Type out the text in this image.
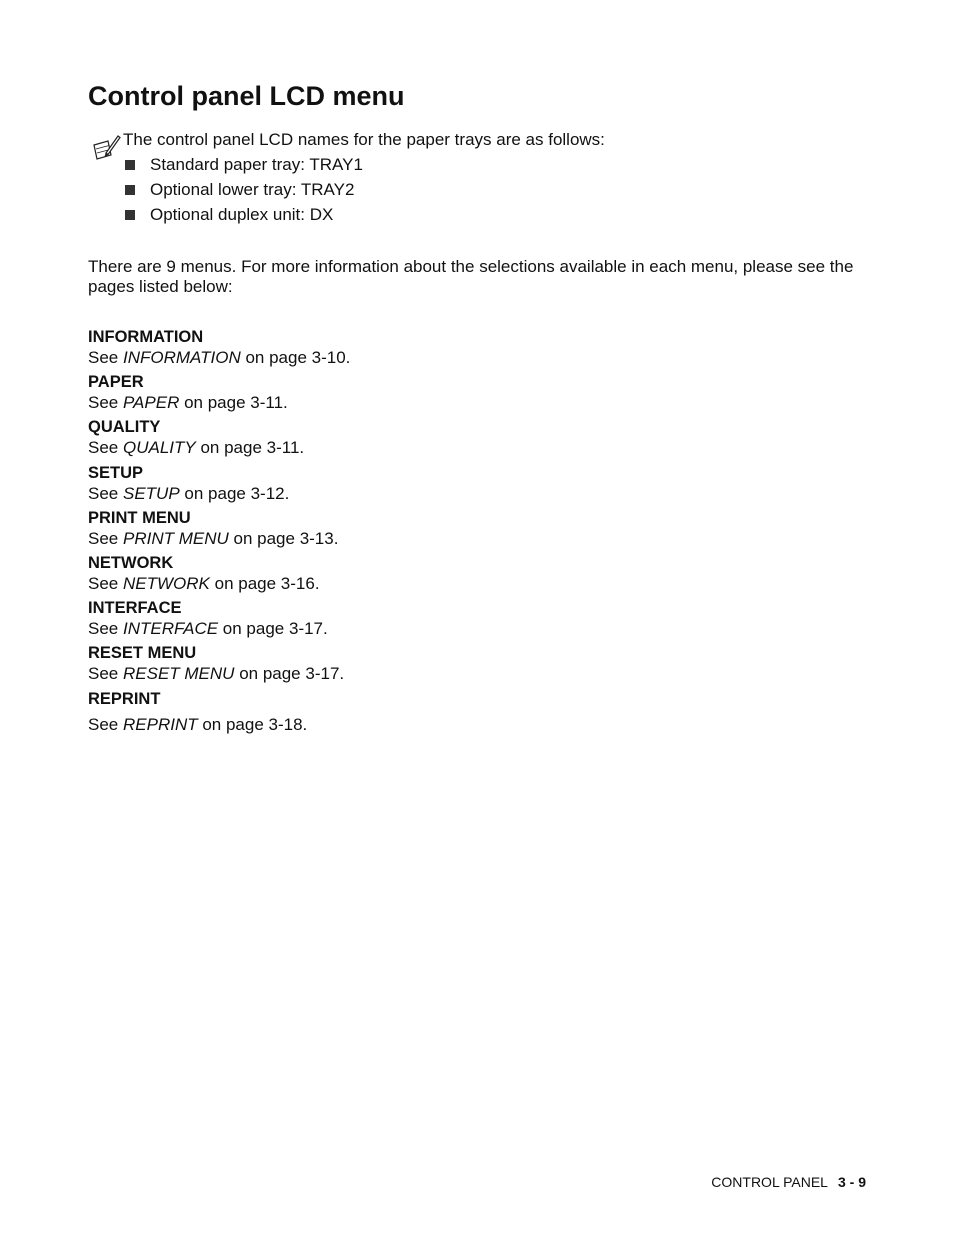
Control panel LCD menu
The control panel LCD names for the paper trays are as follows:
Standard paper tray: TRAY1
Optional lower tray: TRAY2
Optional duplex unit: DX

There are 9 menus. For more information about the selections available in each menu, please see the pages listed below:

INFORMATION
See INFORMATION on page 3-10.
PAPER
See PAPER on page 3-11.
QUALITY
See QUALITY on page 3-11.
SETUP
See SETUP on page 3-12.
PRINT MENU
See PRINT MENU on page 3-13.
NETWORK
See NETWORK on page 3-16.
INTERFACE
See INTERFACE on page 3-17.
RESET MENU
See RESET MENU on page 3-17.
REPRINT
See REPRINT on page 3-18.
CONTROL PANEL 3 - 9
